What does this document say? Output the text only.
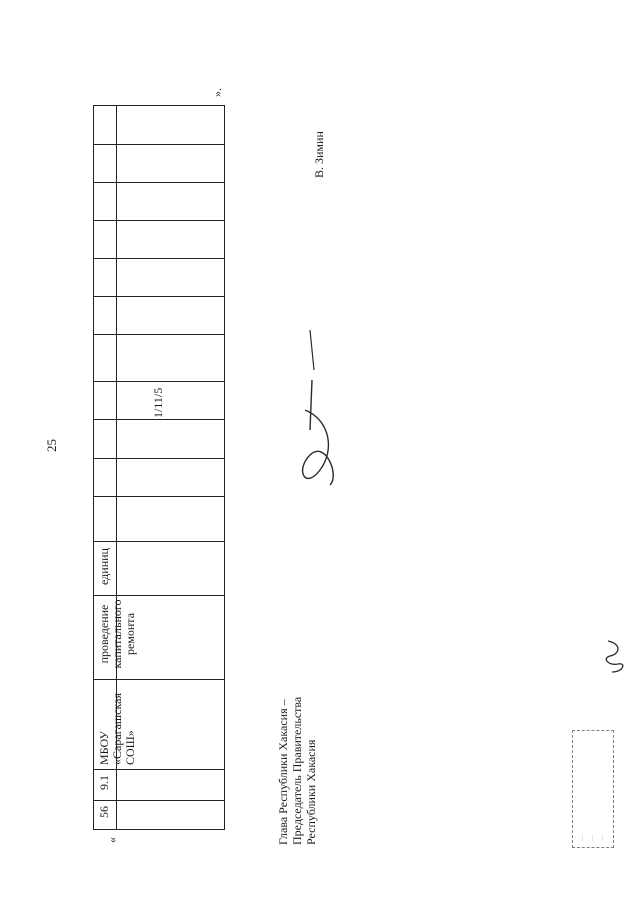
25
«
56
9.1
МБОУ «Сарагашская СОШ»
проведение капитального ремонта
единиц
1/11/5
».
Глава Республики Хакасия – Председатель Правительства Республики Хакасия
В. Зимин
… … …
